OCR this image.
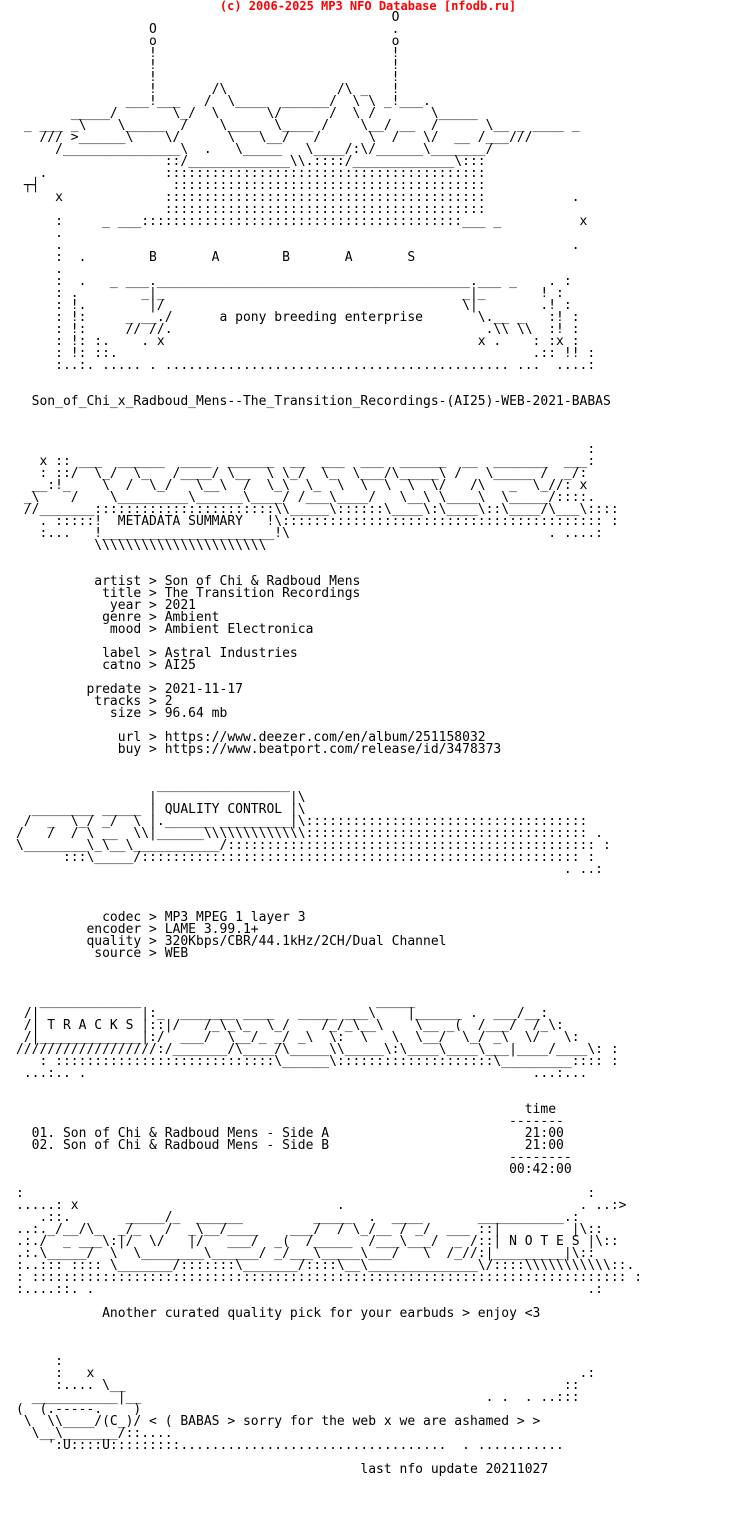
(c) 2006-2025 MP3 NFO Database [nfodb.ru]
O
O                              .
o                              o
!                              !
!                              !
!                              !
!       /\              /\ _   !
___!___   /  \____  ______/  \ \ _!___.
_____/       \_/  \      \/      /  \ /       \_____
_ ___ _\    \_____  /    \____  \____ /    \__/ __  /      \__ _ ____ _
/// >______\    \/      \   \__/   /      \  /   \/  __ /___///
/_______________\  .   \_____   \____/:\/______\_______/
::/_____________\\.::::/_____________\:::
.               :::::::::::::::::::::::::::::::::::::::::
┬┤                 ::::::::::::::::::::::::::::::::::::::::
x             :::::::::::::::::::::::::::::::::::::::::           .
:::::::::::::::::::::::::::::::::::::::::
:     _ ___:::::::::::::::::::::::::::::::::::::::::___ _          x
.
.                                                                 .
:  .        B       A        B       A       S
.
:  .   _ ___.________________________________________.___ _    . :
: .        _|_                                      _|_       ! :
: !.        |/                                      \|        .! :
: !:     _ __./      a pony breeding enterprise       \.__ _   :! :
: !:     // //.                                        .\\ \\  :! :
: !: :.    . x                                        x .    : :x :
: !: ::.                                                     .:: !! :
:..:. ..... . ............................................ ...  ....:

Son_of_Chi_x_Radboud_Mens--The_Transition_Recordings-(AI25)-WEB-2021-BABAS

:
x :: ___  ______  ____  ______  __  ___  ___  ______  __  _______  ___:
: ::/  \_/  \_   /____/ \__  \ \_/  \_  \___/\_____\ /   \_____ /  _/:
__:!_    \  /  \_/   \__\  /  \_\  \_  \  \  \  \  \/   /\   _  \_//: x
_\    /    \_________\______\____/ /___\____/   \__\ \____\  \_____/::::.
//_______:::::::::::::::::::::::\\_____\::::::\____\:\____\::\____/\___\::::
. :::::!  METADATA SUMMARY   !\::::::::::::::::::::::::::::::::::::::::: :
:...   !______________________!\                                 . ....:
\\\\\\\\\\\\\\\\\\\\\\

artist > Son of Chi & Radboud Mens
title > The Transition Recordings
year > 2021
genre > Ambient
mood > Ambient Electronica

label > Astral Industries
catno > AI25

predate > 2021-11-17
tracks > 2
size > 96.64 mb

url > https://www.deezer.com/en/album/251158032
buy > https://www.beatport.com/release/id/3478373

_________________
|                 |\
________ _____ | QUALITY CONTROL |\
/  _  \_/ _/  \ |.______ _________|\::::::::::::::::::::::::::::::::::::
/   /  / \ __  \\|______\\\\\\\\\\\\\:::::::::::::::::::::::::::::::::::: .
\________\_\__\___________/::::::::::::::::::::::::::::::::::::::::::::::: :
:::\_____/:::::::::::::::::::::::::::::::::::::::::::::::::::::::: :
. ..:

codec > MP3 MPEG 1 layer 3
encoder > LAME 3.99.1+
quality > 320Kbps/CBR/44.1kHz/2CH/Dual Channel
source > WEB

_____________                              _____
/|             |:_  _______ ____   _____ ___\    |______ .  ___/__:
/| T R A C K S |::|/   /_\_\_  \_/    /_/_\__\    \__ _(  /___/  /_\:
/|_____________|:/  ___/  \__/_ _/ _\  \:  \   \  \__/  \_/ _\  \/   \:
//////////////////:/_______/\____/\_____\\_____\:\____\____\___|____/____\: :
: ::::::::::::::::::::::::::::\______\::::::::::::::::::::\_________:::: :
...:.. .                                                         ...:...

time
-------
01. Son of Chi & Radboud Mens - Side A                         21:00
02. Son of Chi & Radboud Mens - Side B                         21:00
--------
00:42:00

:                                                                        :
.....: x                                 .                              . ..:>
.::.       _____/_  ______         _____  .  ____       ___________.:
..:._/__/\_  _/_   /  _\__/____    ___/  / \_/__ / _/  ___ ::|         |\::
.:./  _ ___\:|/  \/   |/   ___/  _(  /_____  /___\___/  _ /::| N O T E S |\::
.:.\_____/  \  \________\______/ _/___\_____\___/   \  /_//:|_________|\::
:..::: :::: \_______/:::::::\_______/::::\__\______________\/::::\\\\\\\\\\\::.
: :::::::::::::::::::::::::::::::::::::::::::::::::::::::::::::::::::::::::::: :
:....::. .                                                               .:

Another curated quality pick for your earbuds > enjoy <3

:
:   x                                                              .:
:.... \__                                                        ::
___________|__                                            . .  . ..:::
(  (.-----.    )
\  \\____/(C_)/ < ( BABAS > sorry for the web x we are ashamed > >
\__\_______/::....
':U::::U:::::::::..................................  . ...........

last nfo update 20211027
